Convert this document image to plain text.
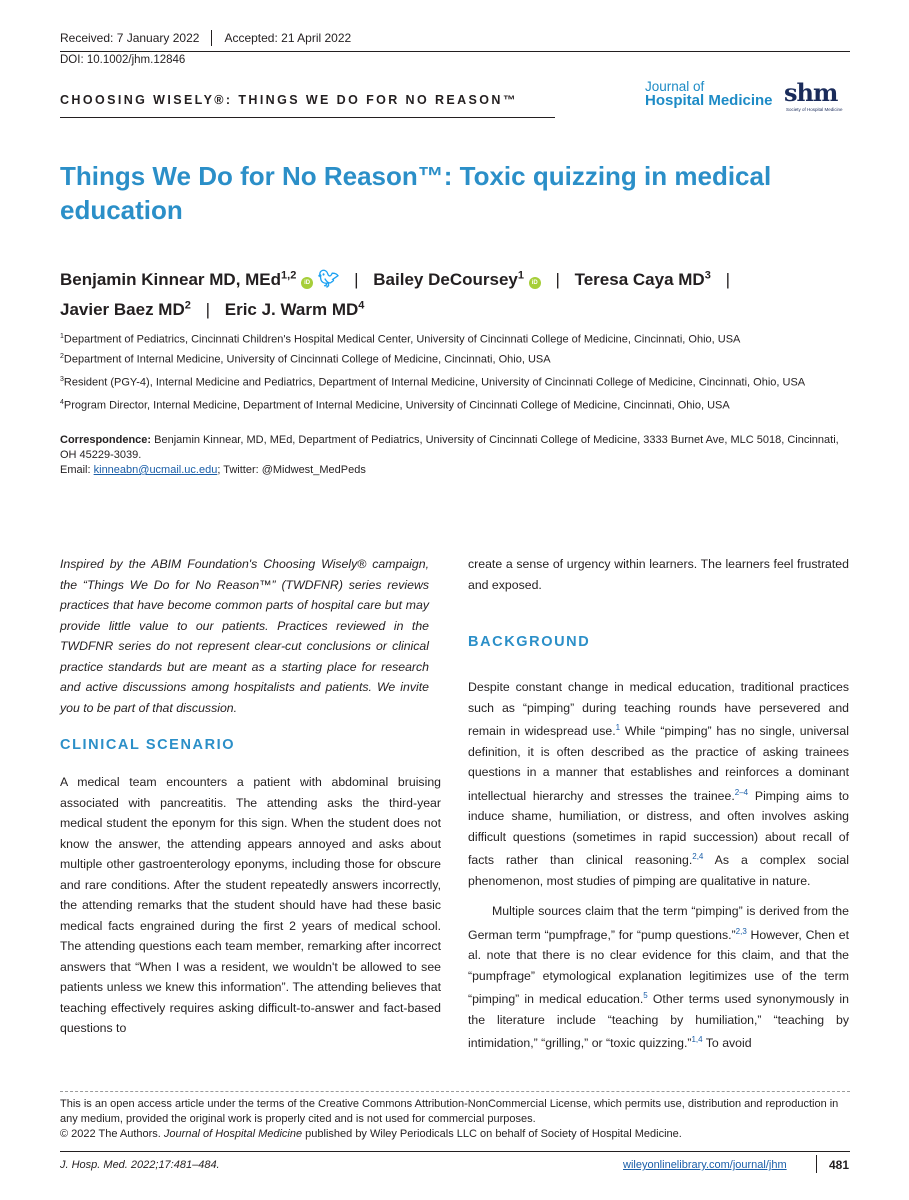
Received: 7 January 2022 Accepted: 21 April 2022
DOI: 10.1002/jhm.12846
CHOOSING WISELY®: THINGS WE DO FOR NO REASON™
Journal of
Hospital Medicine shm
Society of Hospital Medicine
Things We Do for No Reason™: Toxic quizzing in medical education
Benjamin Kinnear MD, MEd$^{1,2}$ iD 🐦︎ | Bailey DeCoursey$^1$ iD | Teresa Caya $MD^3$ |
Javier Baez $MD^2$ | Eric J. Warm $MD^4$
$^1$Department of Pediatrics, Cincinnati Children's Hospital Medical Center, University of Cincinnati College of Medicine, Cincinnati, Ohio, USA
$^2$Department of Internal Medicine, University of Cincinnati College of Medicine, Cincinnati, Ohio, USA
$^3$Resident (PGY-4), Internal Medicine and Pediatrics, Department of Internal Medicine, University of Cincinnati College of Medicine, Cincinnati, Ohio, USA
$^4$Program Director, Internal Medicine, Department of Internal Medicine, University of Cincinnati College of Medicine, Cincinnati, Ohio, USA
Correspondence: Benjamin Kinnear, MD, MEd, Department of Pediatrics, University of Cincinnati College of Medicine, 3333 Burnet Ave, MLC 5018, Cincinnati, OH 45229-3039.
Email: kinneabn@ucmail.uc.edu; Twitter: @Midwest_MedPeds
Inspired by the ABIM Foundation's Choosing Wisely® campaign, the “Things We Do for No Reason™” (TWDFNR) series reviews practices that have become common parts of hospital care but may provide little value to our patients. Practices reviewed in the TWDFNR series do not represent clear-cut conclusions or clinical practice standards but are meant as a starting place for research and active discussions among hospitalists and patients. We invite you to be part of that discussion.
CLINICAL SCENARIO
A medical team encounters a patient with abdominal bruising associated with pancreatitis. The attending asks the third-year medical student the eponym for this sign. When the student does not know the answer, the attending appears annoyed and asks about multiple other gastroenterology eponyms, including those for obscure and rare conditions. After the student repeatedly answers incorrectly, the attending remarks that the student should have had these basic medical facts engrained during the first 2 years of medical school. The attending questions each team member, remarking after incorrect answers that “When I was a resident, we wouldn't be allowed to see patients unless we knew this information”. The attending believes that teaching effectively requires asking difficult-to-answer and fact-based questions to
create a sense of urgency within learners. The learners feel frustrated and exposed.
BACKGROUND
Despite constant change in medical education, traditional practices such as “pimping” during teaching rounds have persevered and remain in widespread use.$^1$ While “pimping” has no single, universal definition, it is often described as the practice of asking trainees questions in a manner that establishes and reinforces a dominant intellectual hierarchy and stresses the trainee.$^{2-4}$ Pimping aims to induce shame, humiliation, or distress, and often involves asking difficult questions (sometimes in rapid succession) about recall of facts rather than clinical reasoning.$^{2,4}$ As a complex social phenomenon, most studies of pimping are qualitative in nature.
Multiple sources claim that the term “pimping” is derived from the German term “pumpfrage,” for “pump questions.”$^{2,3}$ However, Chen et al. note that there is no clear evidence for this claim, and that the “pumpfrage” etymological explanation legitimizes use of the term “pimping” in medical education.$^5$ Other terms used synonymously in the literature include “teaching by humiliation,” “teaching by intimidation,” “grilling,” or “toxic quizzing.”$^{1,4}$ To avoid
This is an open access article under the terms of the Creative Commons Attribution-NonCommercial License, which permits use, distribution and reproduction in any medium, provided the original work is properly cited and is not used for commercial purposes.
© 2022 The Authors. Journal of Hospital Medicine published by Wiley Periodicals LLC on behalf of Society of Hospital Medicine.
J. Hosp. Med. 2022;17:481–484.	wileyonlinelibrary.com/journal/jhm	481
